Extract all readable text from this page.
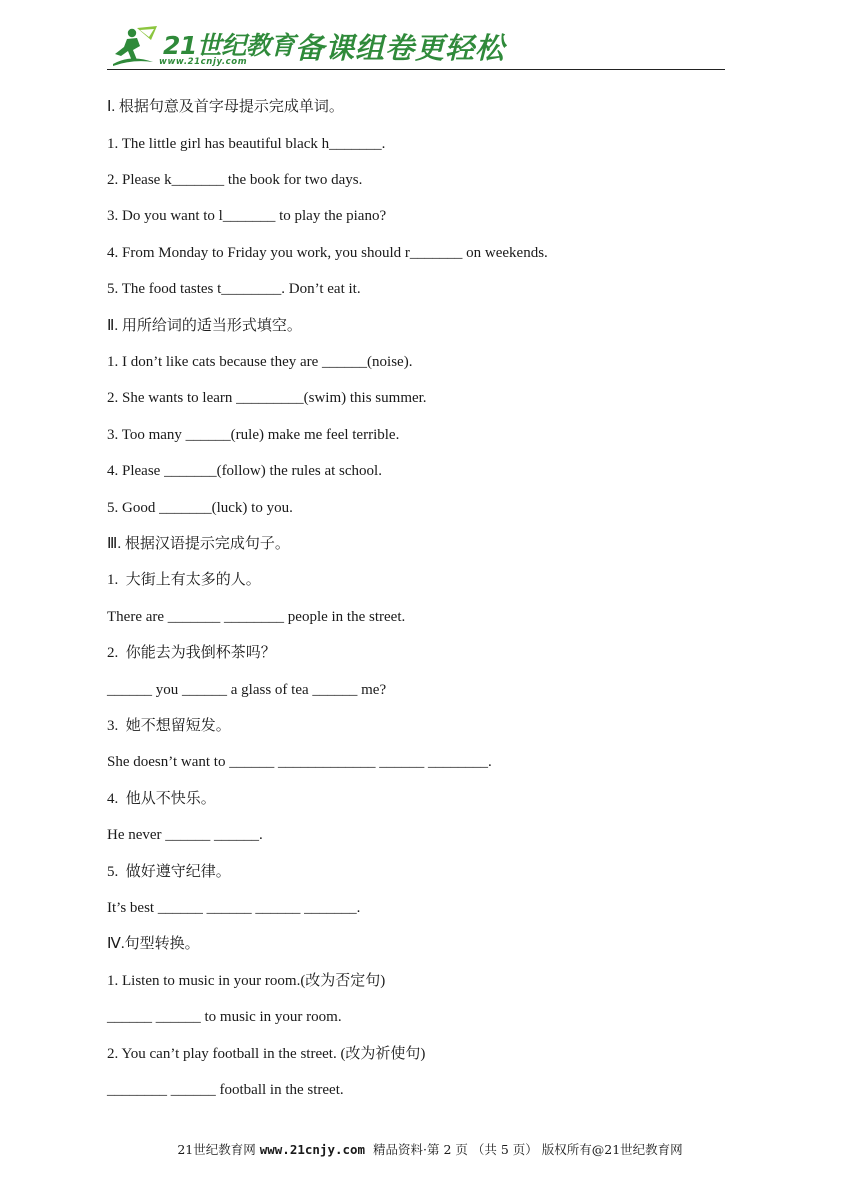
21世纪教育
www.21cnjy.com 备课组卷更轻松
Ⅰ. 根据句意及首字母提示完成单词。
1. The little girl has beautiful black h_______.
2. Please k_______ the book for two days.
3. Do you want to l_______ to play the piano?
4. From Monday to Friday you work, you should r_______ on weekends.
5. The food tastes t________. Don’t eat it.
Ⅱ. 用所给词的适当形式填空。
1. I don’t like cats because they are ______(noise).
2. She wants to learn _________(swim) this summer.
3. Too many ______(rule) make me feel terrible.
4. Please _______(follow) the rules at school.
5. Good _______(luck) to you.
Ⅲ. 根据汉语提示完成句子。
1.  大街上有太多的人。
There are _______ ________ people in the street.
2.  你能去为我倒杯茶吗？
______ you ______ a glass of tea ______ me?
3.  她不想留短发。
She doesn’t want to ______ _____________ ______ ________.
4.  他从不快乐。
He never ______ ______.
5.  做好遵守纪律。
It’s best ______ ______ ______ _______.
Ⅳ.句型转换。
1. Listen to music in your room.(改为否定句)
______ ______ to music in your room.
2. You can’t play football in the street. (改为祈使句)
________ ______ football in the street.
21世纪教育网 www.21cnjy.com  精品资料·第 2 页 （共 5 页） 版权所有@21世纪教育网
